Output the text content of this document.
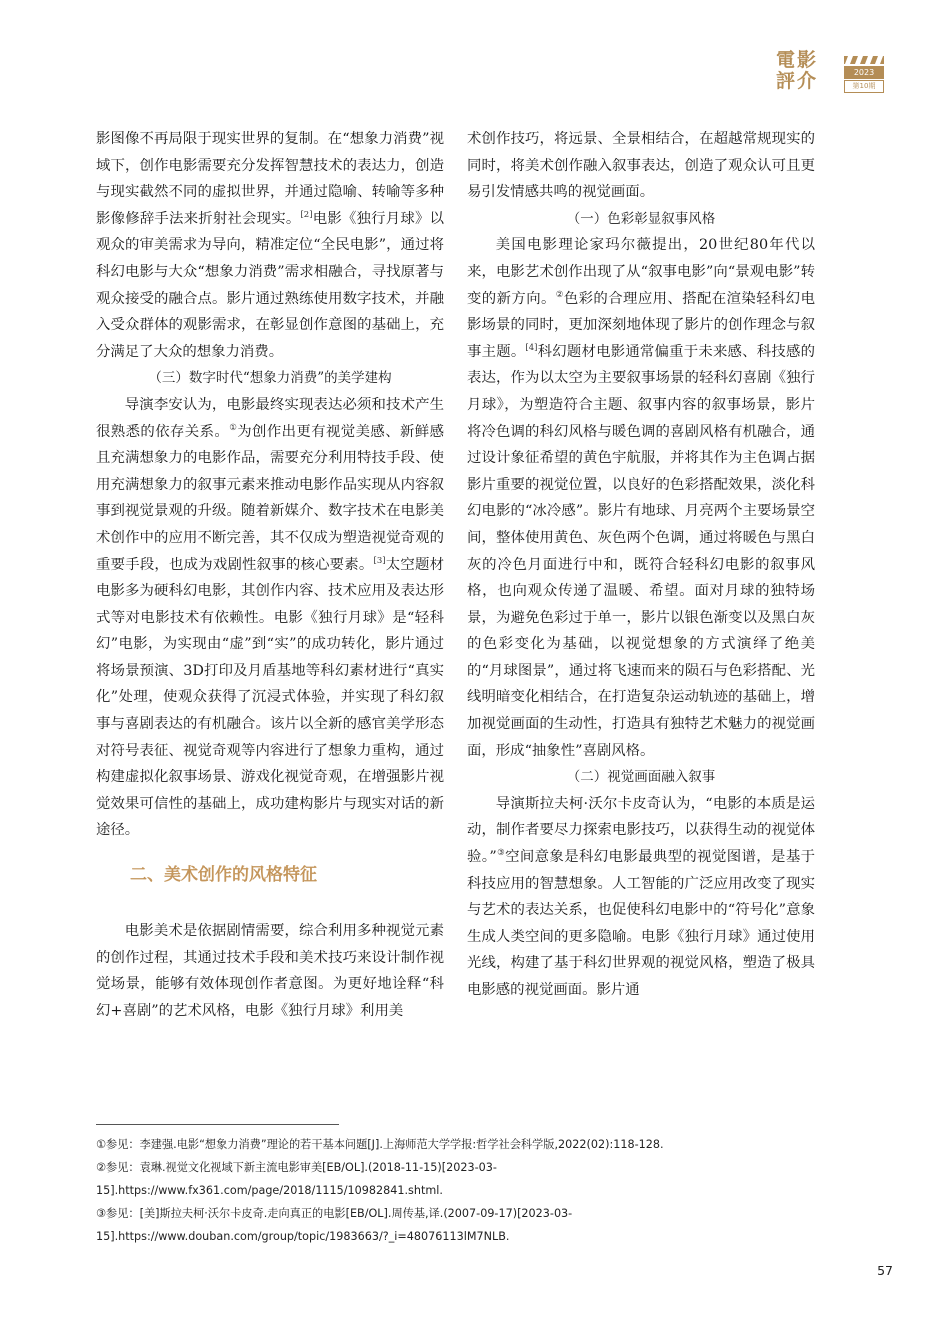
電影
評介	2023
第10期

影图像不再局限于现实世界的复制。在“想象力消费”视域下，创作电影需要充分发挥智慧技术的表达力，创造与现实截然不同的虚拟世界，并通过隐喻、转喻等多种影像修辞手法来折射社会现实。[2]电影《独行月球》以观众的审美需求为导向，精准定位“全民电影”，通过将科幻电影与大众“想象力消费”需求相融合，寻找原著与观众接受的融合点。影片通过熟练使用数字技术，并融入受众群体的观影需求，在彰显创作意图的基础上，充分满足了大众的想象力消费。

（三）数字时代“想象力消费”的美学建构

导演李安认为，电影最终实现表达必须和技术产生很熟悉的依存关系。①为创作出更有视觉美感、新鲜感且充满想象力的电影作品，需要充分利用特技手段、使用充满想象力的叙事元素来推动电影作品实现从内容叙事到视觉景观的升级。随着新媒介、数字技术在电影美术创作中的应用不断完善，其不仅成为塑造视觉奇观的重要手段，也成为戏剧性叙事的核心要素。[3]太空题材电影多为硬科幻电影，其创作内容、技术应用及表达形式等对电影技术有依赖性。电影《独行月球》是“轻科幻”电影，为实现由“虚”到“实”的成功转化，影片通过将场景预演、3D打印及月盾基地等科幻素材进行“真实化”处理，使观众获得了沉浸式体验，并实现了科幻叙事与喜剧表达的有机融合。该片以全新的感官美学形态对符号表征、视觉奇观等内容进行了想象力重构，通过构建虚拟化叙事场景、游戏化视觉奇观，在增强影片视觉效果可信性的基础上，成功建构影片与现实对话的新途径。

二、美术创作的风格特征

电影美术是依据剧情需要，综合利用多种视觉元素的创作过程，其通过技术手段和美术技巧来设计制作视觉场景，能够有效体现创作者意图。为更好地诠释“科幻+喜剧”的艺术风格，电影《独行月球》利用美

术创作技巧，将远景、全景相结合，在超越常规现实的同时，将美术创作融入叙事表达，创造了观众认可且更易引发情感共鸣的视觉画面。

（一）色彩彰显叙事风格

美国电影理论家玛尔薇提出，20世纪80年代以来，电影艺术创作出现了从“叙事电影”向“景观电影”转变的新方向。②色彩的合理应用、搭配在渲染轻科幻电影场景的同时，更加深刻地体现了影片的创作理念与叙事主题。[4]科幻题材电影通常偏重于未来感、科技感的表达，作为以太空为主要叙事场景的轻科幻喜剧《独行月球》，为塑造符合主题、叙事内容的叙事场景，影片将冷色调的科幻风格与暖色调的喜剧风格有机融合，通过设计象征希望的黄色宇航服，并将其作为主色调占据影片重要的视觉位置，以良好的色彩搭配效果，淡化科幻电影的“冰冷感”。影片有地球、月亮两个主要场景空间，整体使用黄色、灰色两个色调，通过将暖色与黑白灰的冷色月面进行中和，既符合轻科幻电影的叙事风格，也向观众传递了温暖、希望。面对月球的独特场景，为避免色彩过于单一，影片以银色渐变以及黑白灰的色彩变化为基础，以视觉想象的方式演绎了绝美的“月球图景”，通过将飞速而来的陨石与色彩搭配、光线明暗变化相结合，在打造复杂运动轨迹的基础上，增加视觉画面的生动性，打造具有独特艺术魅力的视觉画面，形成“抽象性”喜剧风格。

（二）视觉画面融入叙事

导演斯拉夫柯·沃尔卡皮奇认为，“电影的本质是运动，制作者要尽力探索电影技巧，以获得生动的视觉体验。”③空间意象是科幻电影最典型的视觉图谱，是基于科技应用的智慧想象。人工智能的广泛应用改变了现实与艺术的表达关系，也促使科幻电影中的“符号化”意象生成人类空间的更多隐喻。电影《独行月球》通过使用光线，构建了基于科幻世界观的视觉风格，塑造了极具电影感的视觉画面。影片通

①参见：李建强.电影“想象力消费”理论的若干基本问题[J].上海师范大学学报:哲学社会科学版,2022(02):118-128.

②参见：袁琳.视觉文化视域下新主流电影审美[EB/OL].(2018-11-15)[2023-03-15].https://www.fx361.com/page/2018/1115/10982841.shtml.

③参见：[美]斯拉夫柯·沃尔卡皮奇.走向真正的电影[EB/OL].周传基,译.(2007-09-17)[2023-03-15].https://www.douban.com/group/topic/1983663/?_i=48076113lM7NLB.

57
